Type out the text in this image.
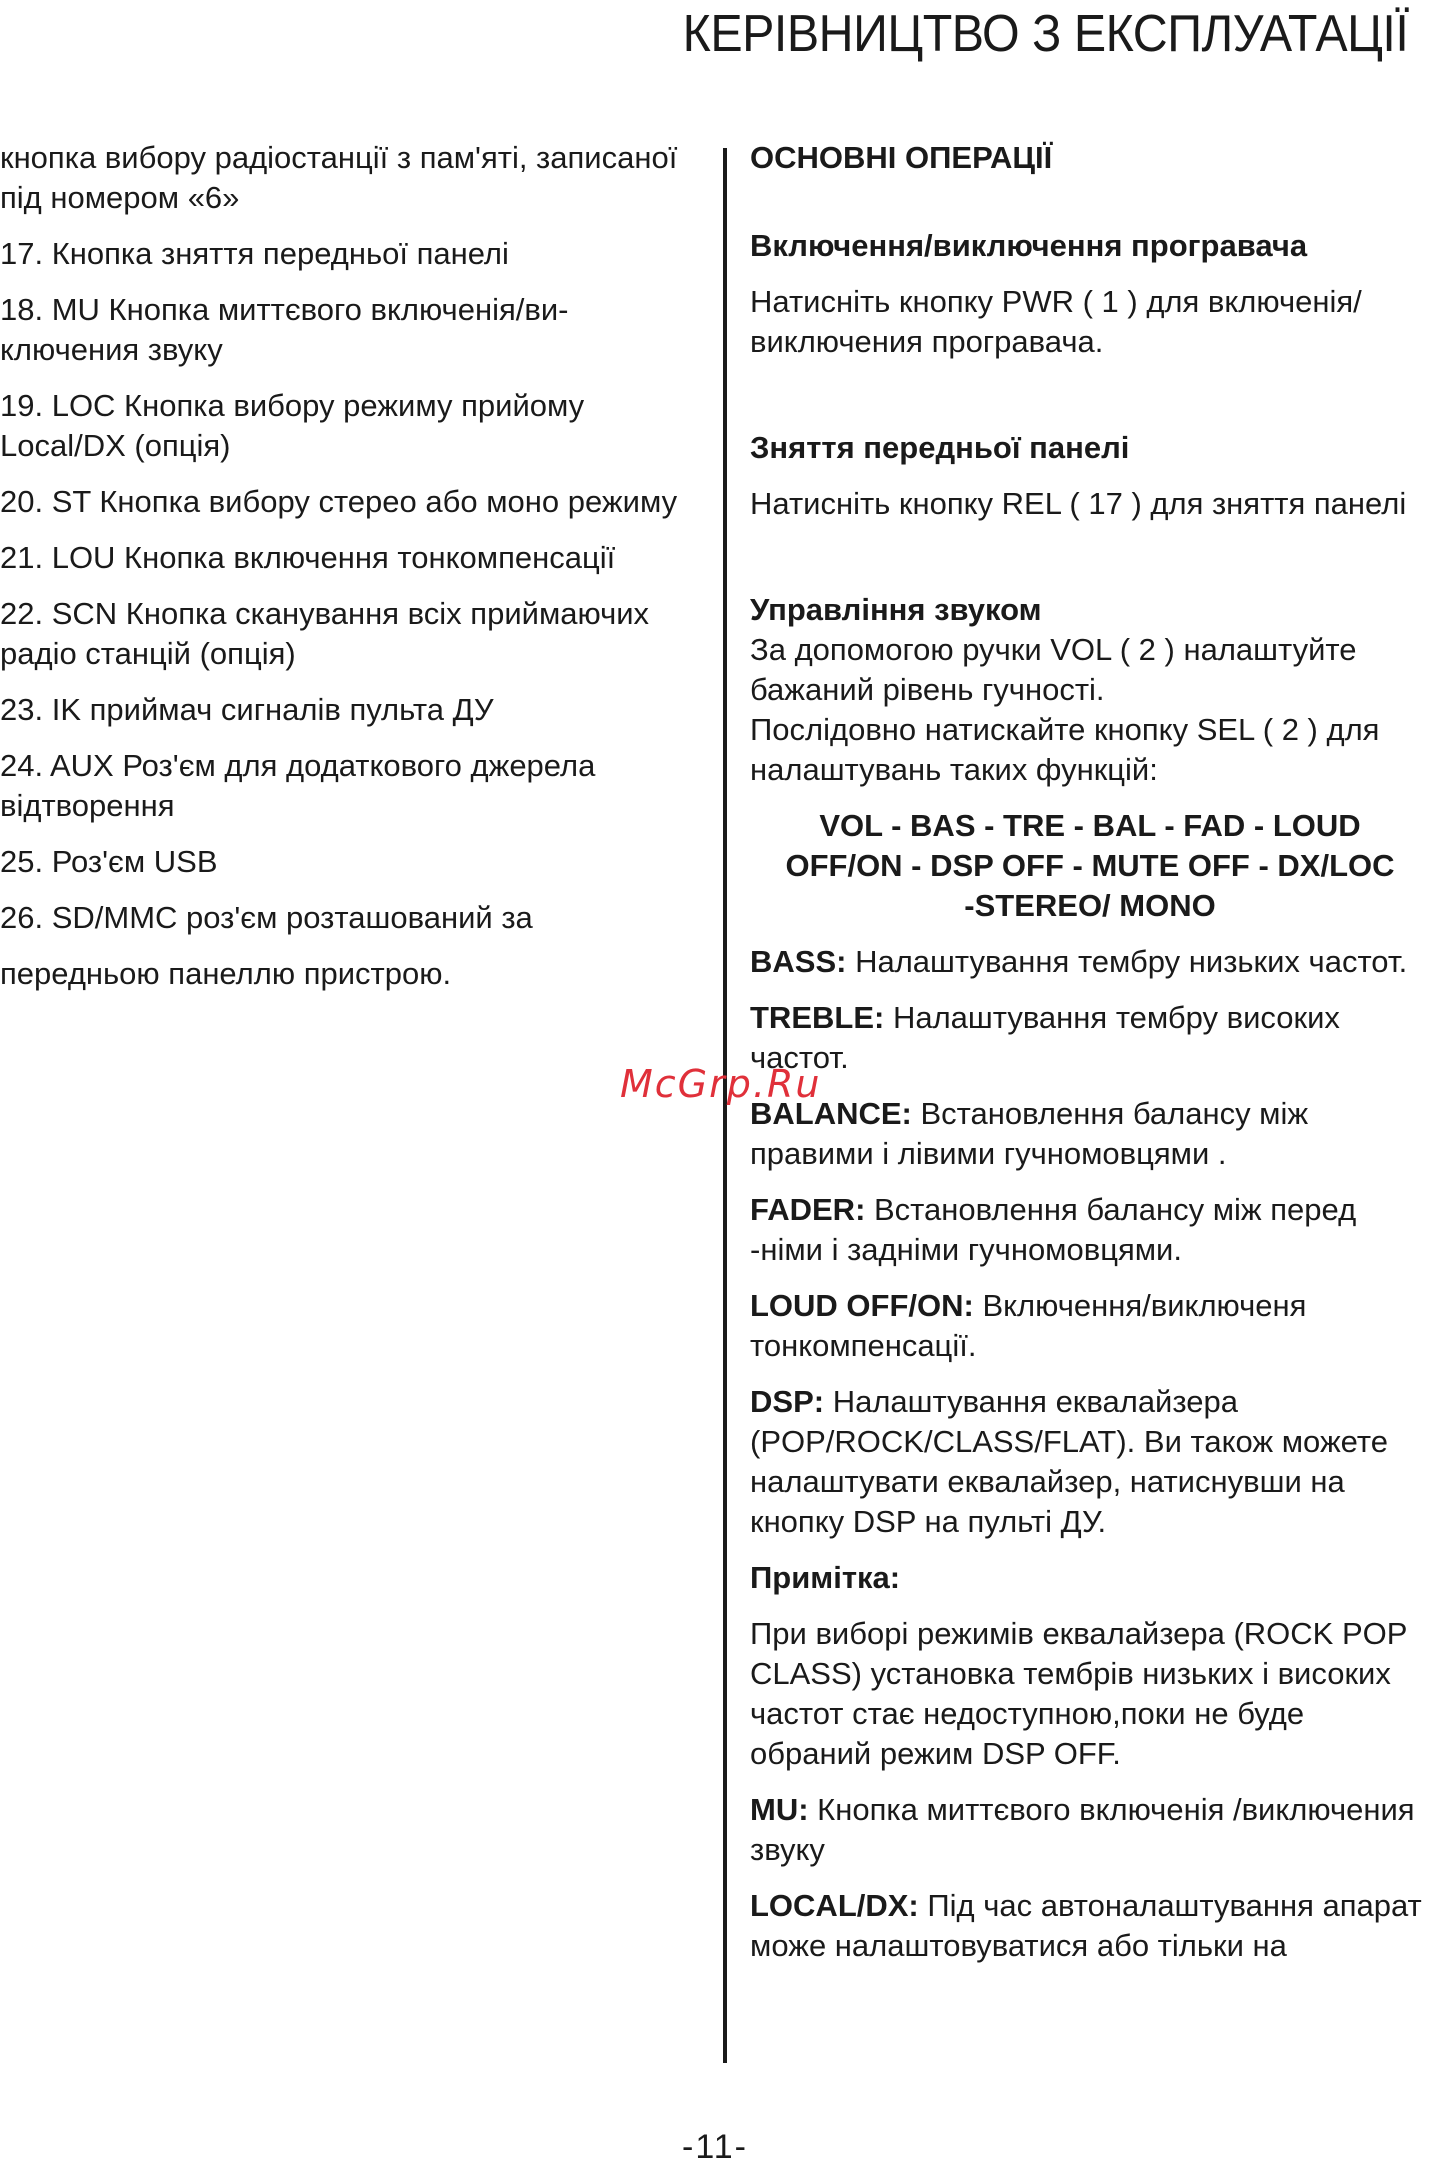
КЕРІВНИЦТВО З ЕКСПЛУАТАЦІЇ

кнопка вибору радіостанції з пам'яті, записаної під номером «6»

17. Кнопка зняття передньої панелі

18. MU Кнопка миттєвого включенія/ви-ключения звуку

19. LOC Кнопка вибору режиму прийому Local/DX (опція)

20. ST Кнопка вибору стерео або моно режиму

21. LOU Кнопка включення тонкомпенсації

22. SCN Кнопка сканування всіх приймаючих радіо станцій (опція)

23. IK приймач сигналів пульта ДУ

24. AUX Роз'єм для додаткового джерела відтворення

25. Роз'єм USB

26. SD/MMC роз'єм розташований за

передньою панеллю пристрою.

ОСНОВНІ ОПЕРАЦІЇ

Включення/виключення програвача

Натисніть кнопку PWR ( 1 ) для включенія/виключения програвача.

Зняття передньої панелі

Натисніть кнопку REL ( 17 ) для зняття панелі

Управління звуком

За допомогою ручки VOL ( 2 ) налаштуйте бажаний рівень гучності.

Послідовно натискайте кнопку SEL ( 2 ) для налаштувань таких функцій:

VOL - BAS - TRE - BAL - FAD - LOUD
OFF/ON - DSP OFF - MUTE OFF - DX/LOC
-STEREO/ MONO

BASS: Налаштування тембру низьких частот.

TREBLE: Налаштування тембру високих частот.

BALANCE: Встановлення балансу між правими і лівими гучномовцями .

FADER: Встановлення балансу між перед -німи і задніми гучномовцями.

LOUD OFF/ON: Включення/виключеня тонкомпенсації.

DSP: Налаштування еквалайзера (POP/ROCK/CLASS/FLAT). Ви також можете налаштувати еквалайзер, натиснувши на кнопку DSP на пульті ДУ.

Примітка:

При виборі режимів еквалайзера (ROCK POP CLASS) установка тембрів низьких і високих частот стає недоступною,поки не буде обраний режим DSP OFF.

MU: Кнопка миттєвого включенія /виключения звуку

LOCAL/DX: Під час автоналаштування апарат може налаштовуватися або тільки на

McGrp.Ru
-11-
